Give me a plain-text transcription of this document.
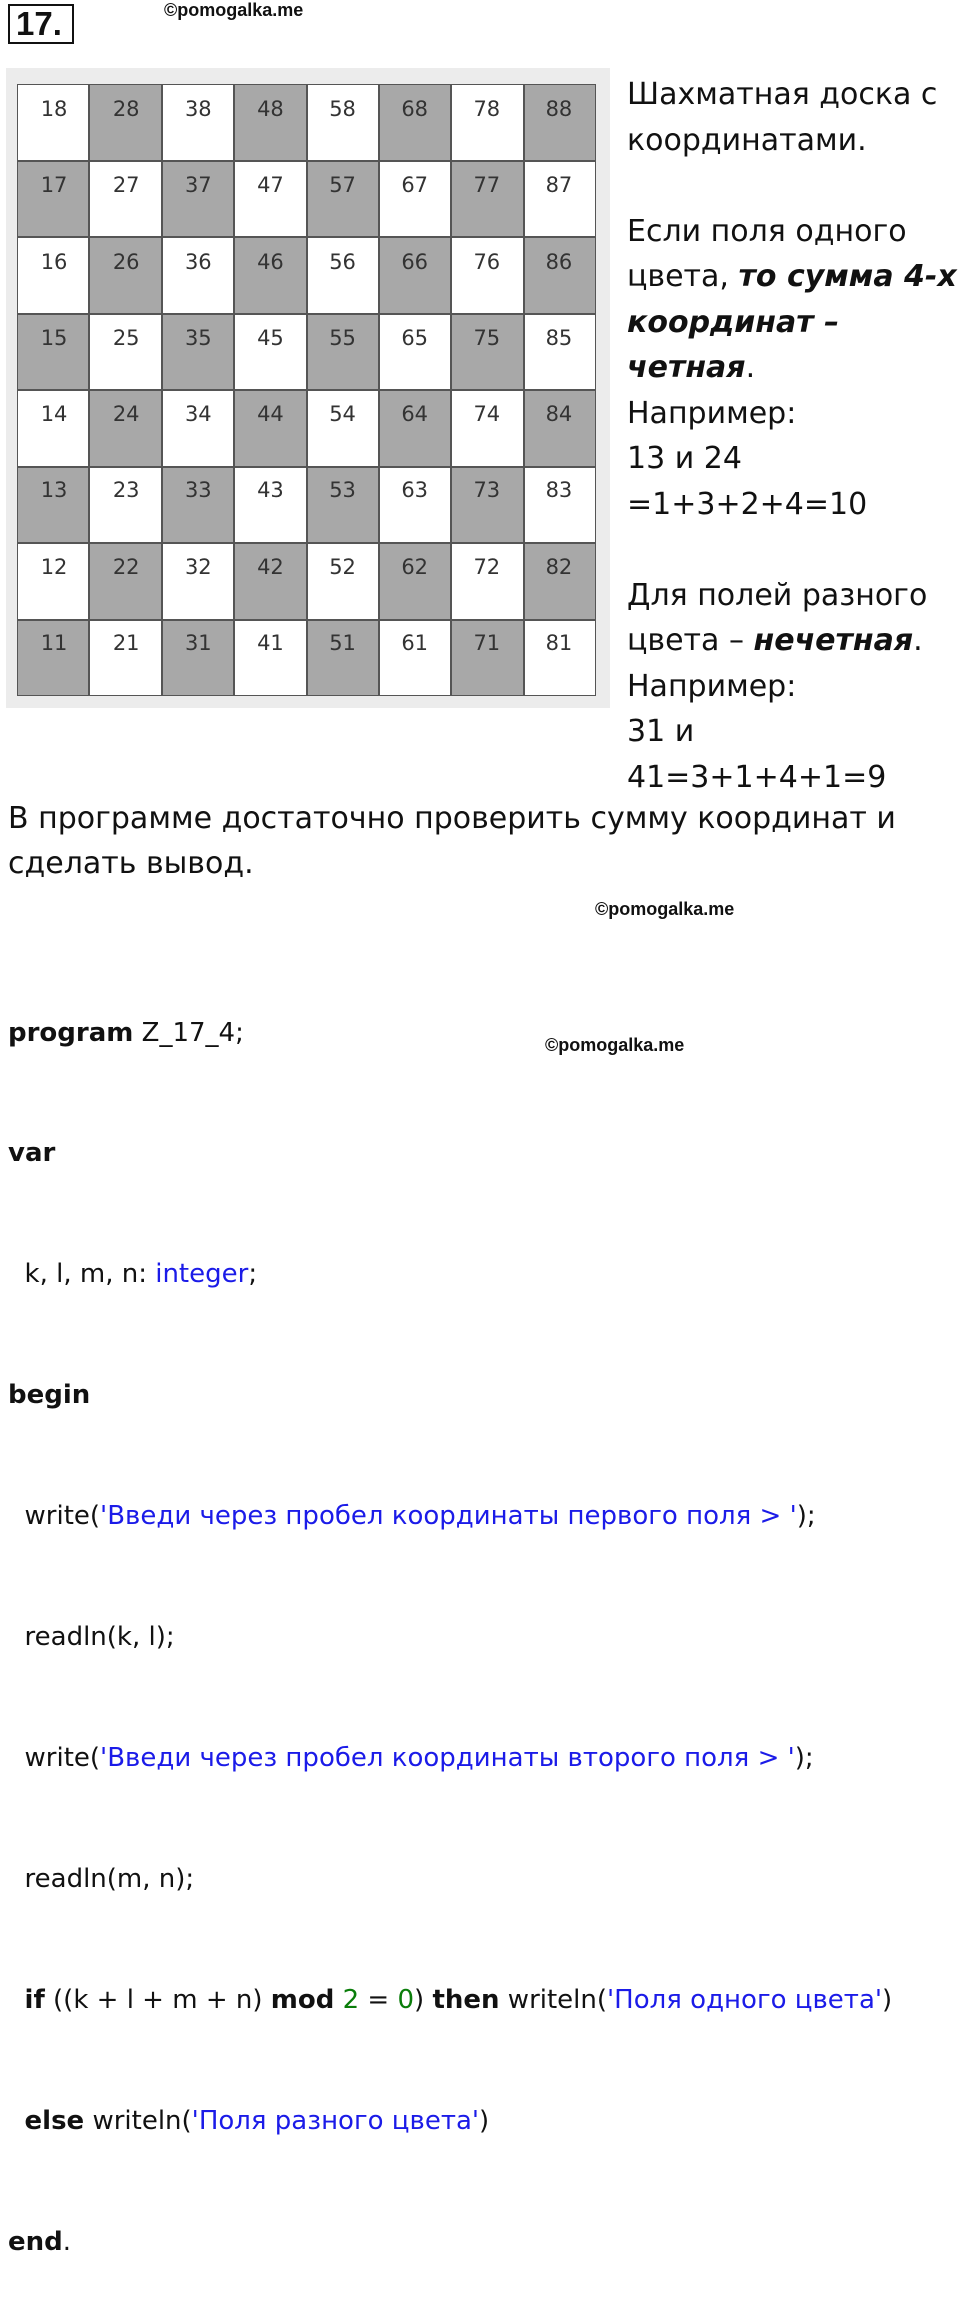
17.	©pomogalka.me
18	28	38	48	58	68	78	88
17	27	37	47	57	67	77	87
16	26	36	46	56	66	76	86
15	25	35	45	55	65	75	85
14	24	34	44	54	64	74	84
13	23	33	43	53	63	73	83
12	22	32	42	52	62	72	82
11	21	31	41	51	61	71	81

Шахматная доска с

координатами.

Если поля одного

цвета, то сумма 4-х

координат –

четная.

Например:

13 и 24 =1+3+2+4=10

Для полей разного

цвета – нечетная.

Например:

31 и 41=3+1+4+1=9

В программе достаточно проверить сумму координат и
сделать вывод.
©pomogalka.me
©pomogalka.me

program Z_17_4;

var

k, l, m, n: integer;

begin

write('Введи через пробел координаты первого поля > ');

readln(k, l);

write('Введи через пробел координаты второго поля > ');

readln(m, n);

if ((k + l + m + n) mod 2 = 0) then writeln('Поля одного цвета')

else writeln('Поля разного цвета')

end.
